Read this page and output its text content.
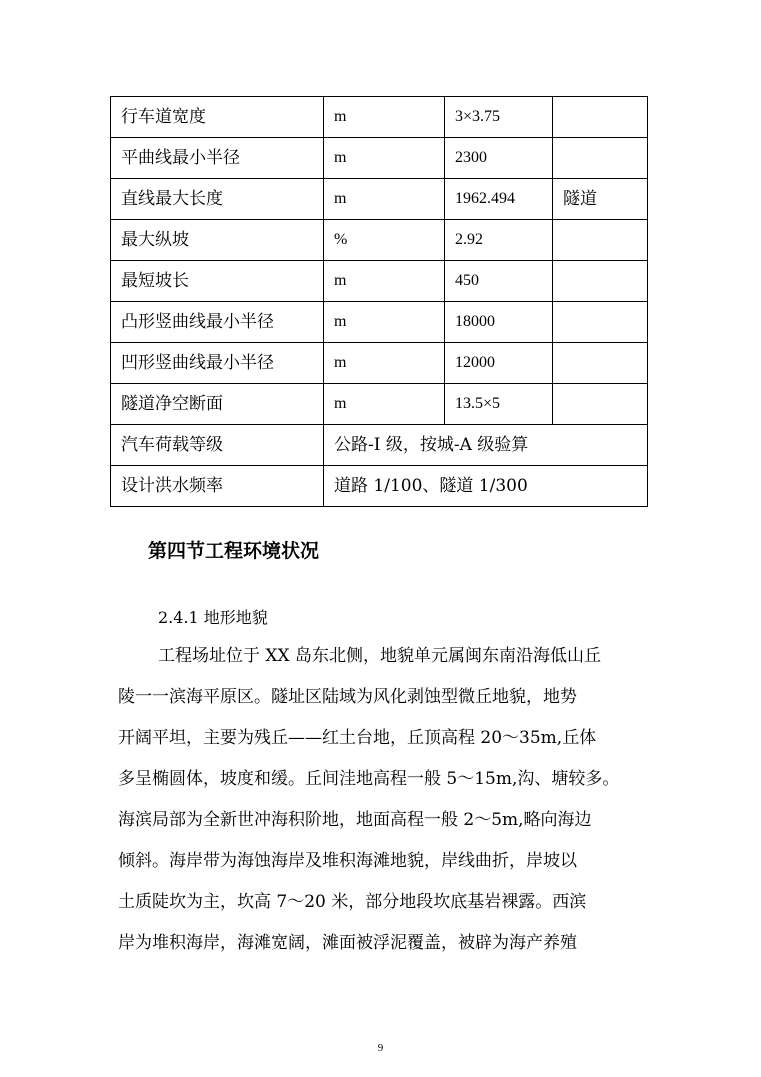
行车道宽度	m	3×3.75	
平曲线最小半径	m	2300	
直线最大长度	m	1962.494	隧道
最大纵坡	%	2.92	
最短坡长	m	450	
凸形竖曲线最小半径	m	18000	
凹形竖曲线最小半径	m	12000	
隧道净空断面	m	13.5×5	
汽车荷载等级	公路-I 级，按城-A 级验算		
设计洪水频率	道路 1/100、隧道 1/300		
第四节工程环境状况
2.4.1 地形地貌
工程场址位于 XX 岛东北侧，地貌单元属闽东南沿海低山丘
陵一一滨海平原区。隧址区陆域为风化剥蚀型微丘地貌，地势
开阔平坦，主要为残丘——红土台地，丘顶高程 20～35m,丘体
多呈椭圆体，坡度和缓。丘间洼地高程一般 5～15m,沟、塘较多。
海滨局部为全新世冲海积阶地，地面高程一般 2～5m,略向海边
倾斜。海岸带为海蚀海岸及堆积海滩地貌，岸线曲折，岸坡以
土质陡坎为主，坎高 7～20 米，部分地段坎底基岩裸露。西滨
岸为堆积海岸，海滩宽阔，滩面被浮泥覆盖，被辟为海产养殖
9
